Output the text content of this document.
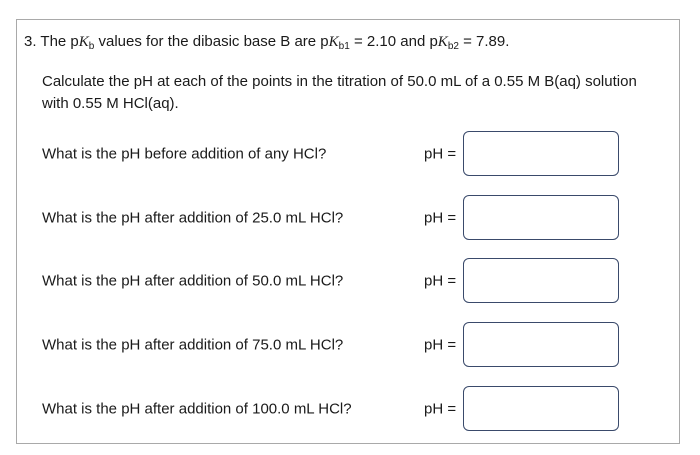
3. The $pK_b$ values for the dibasic base B are $pK_{b1} = 2.10$ and $pK_{b2} = 7.89$.
Calculate the pH at each of the points in the titration of 50.0 mL of a 0.55 M B(aq) solution with 0.55 M HCl(aq).
What is the pH before addition of any HCl?	pH =
What is the pH after addition of 25.0 mL HCl?	pH =
What is the pH after addition of 50.0 mL HCl?	pH =
What is the pH after addition of 75.0 mL HCl?	pH =
What is the pH after addition of 100.0 mL HCl?	pH =
